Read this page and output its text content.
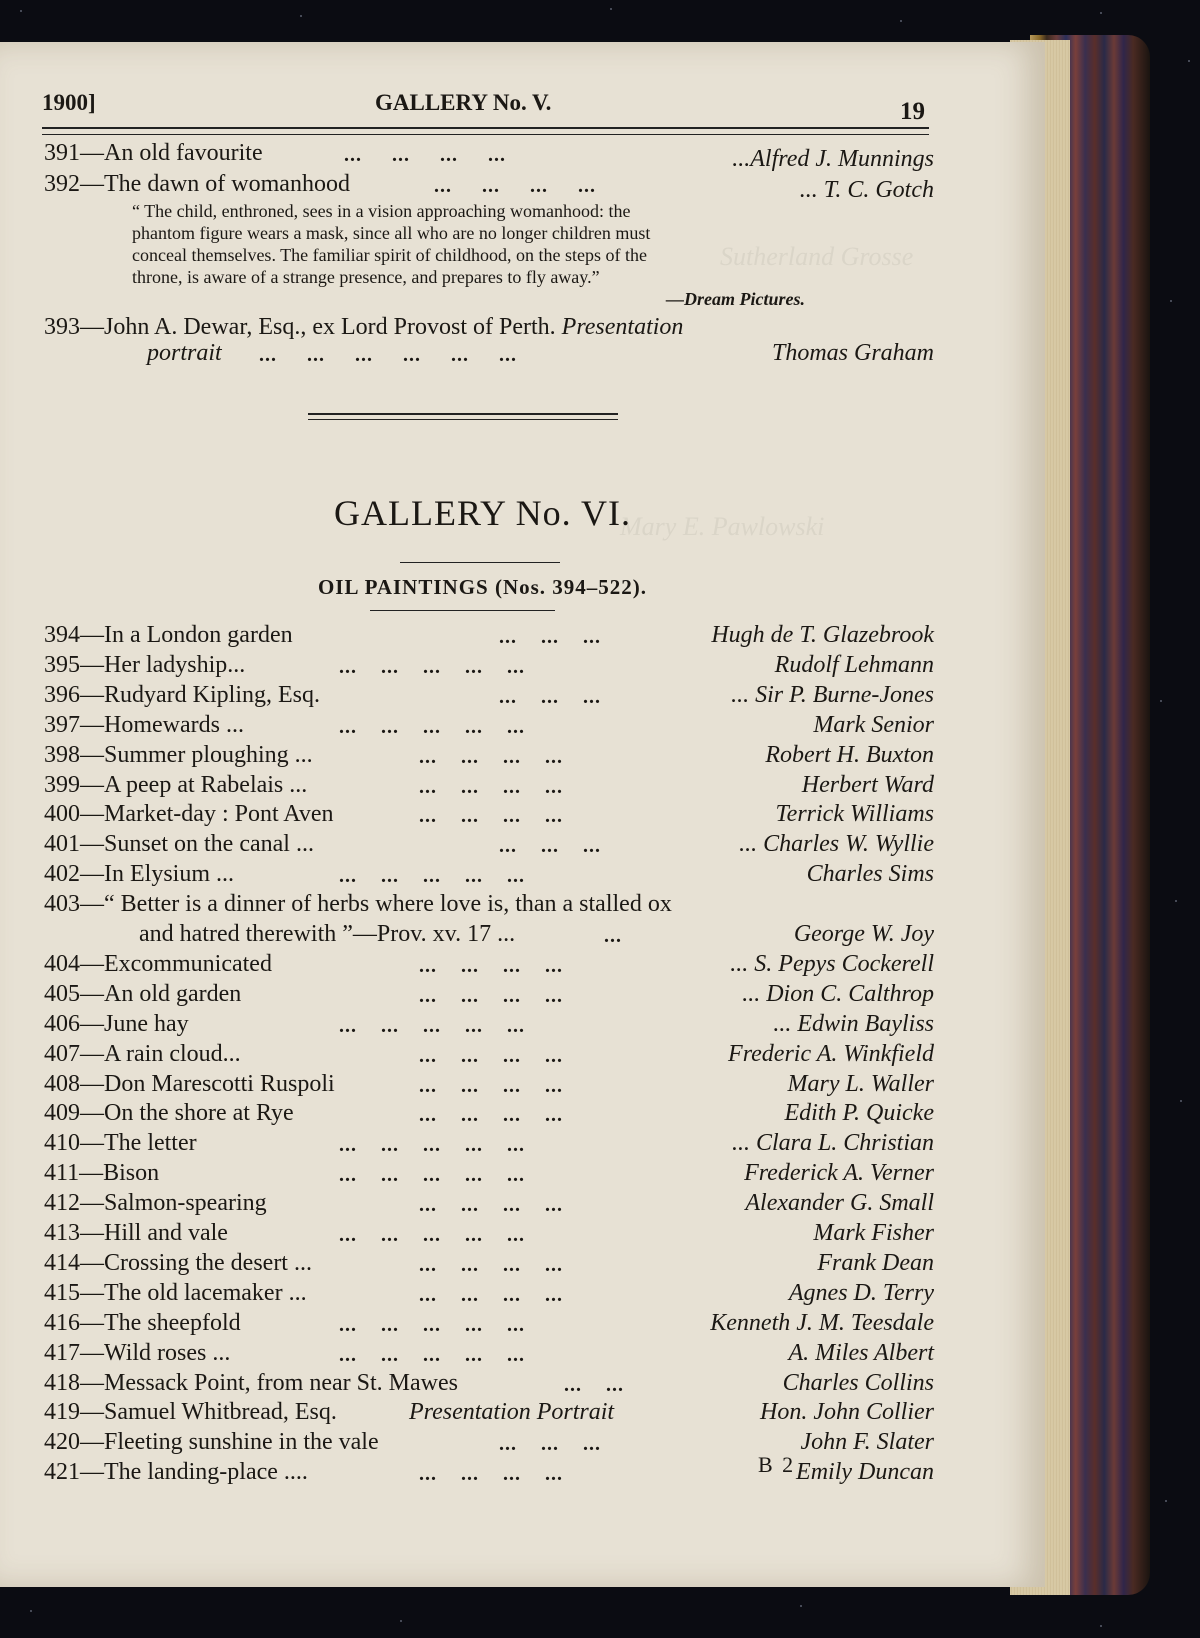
Sutherland Grosse
Mary E. Pawlowski
1900]	GALLERY No. V.	19
391—An old favourite	...     ...     ...     ...	...Alfred J. Munnings
392—The dawn of womanhood	...     ...     ...     ...	... T. C. Gotch
“ The child, enthroned, sees in a vision approaching womanhood: the
phantom figure wears a mask, since all who are no longer children must
conceal themselves. The familiar spirit of childhood, on the steps of the
throne, is aware of a strange presence, and prepares to fly away.”
—Dream Pictures.
393—John A. Dewar, Esq., ex Lord Provost of Perth. Presentation
portrait ...     ...     ...     ...     ...     ...	Thomas Graham
GALLERY No. VI.
OIL PAINTINGS (Nos. 394–522).
394—In a London garden	...    ...    ...	Hugh de T. Glazebrook
395—Her ladyship...	...    ...    ...    ...    ...	Rudolf Lehmann
396—Rudyard Kipling, Esq.	...    ...    ...	... Sir P. Burne-Jones
397—Homewards ...	...    ...    ...    ...    ...	Mark Senior
398—Summer ploughing ...	...    ...    ...    ...	Robert H. Buxton
399—A peep at Rabelais ...	...    ...    ...    ...	Herbert Ward
400—Market-day : Pont Aven	...    ...    ...    ...	Terrick Williams
401—Sunset on the canal ...	...    ...    ...	... Charles W. Wyllie
402—In Elysium ...	...    ...    ...    ...    ...	Charles Sims
403—“ Better is a dinner of herbs where love is, than a stalled ox
and hatred therewith ”—Prov. xv. 17 ...	...	George W. Joy
404—Excommunicated	...    ...    ...    ...	... S. Pepys Cockerell
405—An old garden	...    ...    ...    ...	... Dion C. Calthrop
406—June hay	...    ...    ...    ...    ...	... Edwin Bayliss
407—A rain cloud...	...    ...    ...    ...	Frederic A. Winkfield
408—Don Marescotti Ruspoli	...    ...    ...    ...	Mary L. Waller
409—On the shore at Rye	...    ...    ...    ...	Edith P. Quicke
410—The letter	...    ...    ...    ...    ...	... Clara L. Christian
411—Bison	...    ...    ...    ...    ...	Frederick A. Verner
412—Salmon-spearing	...    ...    ...    ...	Alexander G. Small
413—Hill and vale	...    ...    ...    ...    ...	Mark Fisher
414—Crossing the desert ...	...    ...    ...    ...	Frank Dean
415—The old lacemaker ...	...    ...    ...    ...	Agnes D. Terry
416—The sheepfold	...    ...    ...    ...    ...	Kenneth J. M. Teesdale
417—Wild roses ...	...    ...    ...    ...    ...	A. Miles Albert
418—Messack Point, from near St. Mawes	...    ...	Charles Collins
419—Samuel Whitbread, Esq.	Presentation Portrait	Hon. John Collier
420—Fleeting sunshine in the vale	...    ...    ...	John F. Slater
421—The landing-place ....	...    ...    ...    ...	Emily Duncan
B 2
